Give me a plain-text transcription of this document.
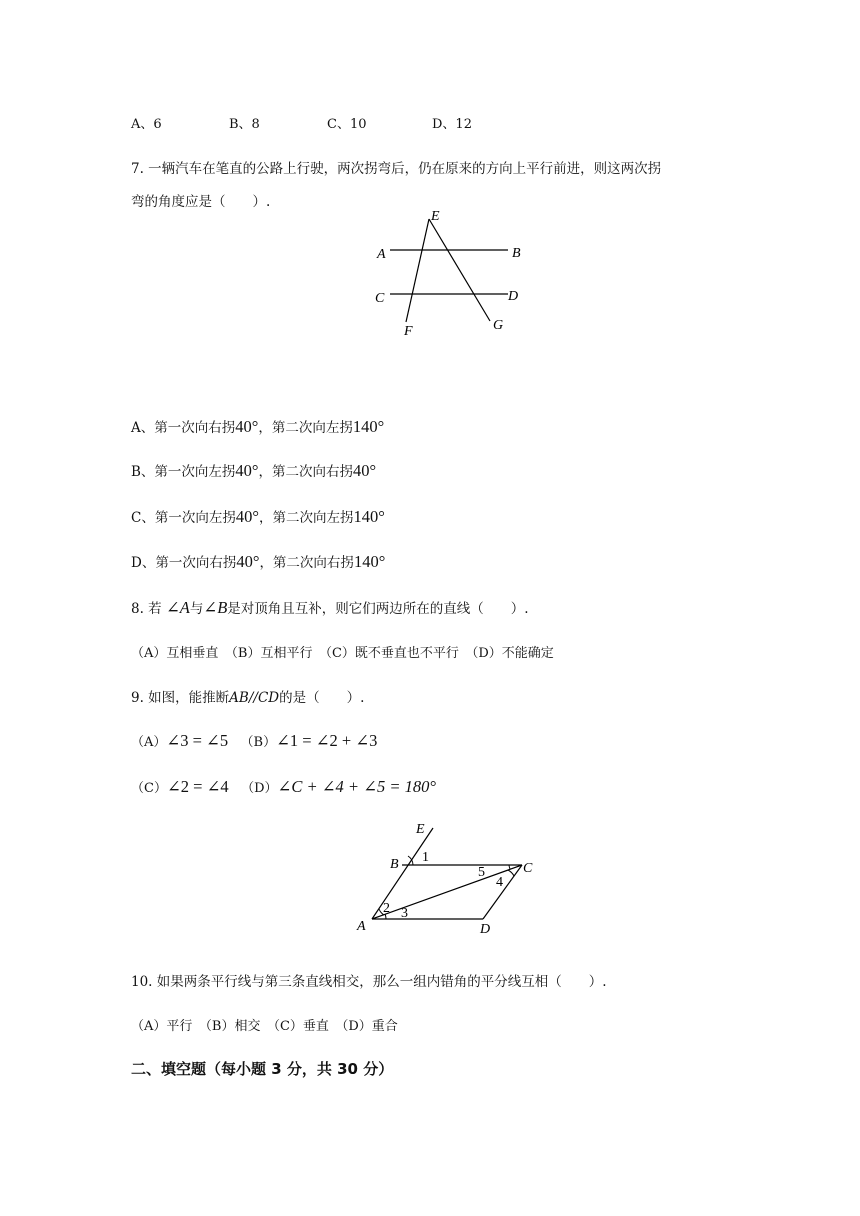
A、6	B、8	C、10	D、12
7. 一辆汽车在笔直的公路上行驶，两次拐弯后，仍在原来的方向上平行前进，则这两次拐
弯的角度应是（　　）.
E
A	B
C	D
F	G
A、第一次向右拐40°，第二次向左拐140°
B、第一次向左拐40°，第二次向右拐40°
C、第一次向左拐40°，第二次向左拐140°
D、第一次向右拐40°，第二次向右拐140°
8. 若 ∠A与∠B是对顶角且互补，则它们两边所在的直线（　　）.
（A）互相垂直　（B）互相平行　（C）既不垂直也不平行　（D）不能确定
9. 如图，能推断AB//CD的是（　　）.
（A）∠3 = ∠5 （B）∠1 = ∠2 + ∠3
（C）∠2 = ∠4 （D）∠C + ∠4 + ∠5 = 180°
E
B	C
A	D
1
2 3
4
5
10. 如果两条平行线与第三条直线相交，那么一组内错角的平分线互相（　　）.
（A）平行　（B）相交　（C）垂直　（D）重合
二、填空题（每小题 3 分，共 30 分）
